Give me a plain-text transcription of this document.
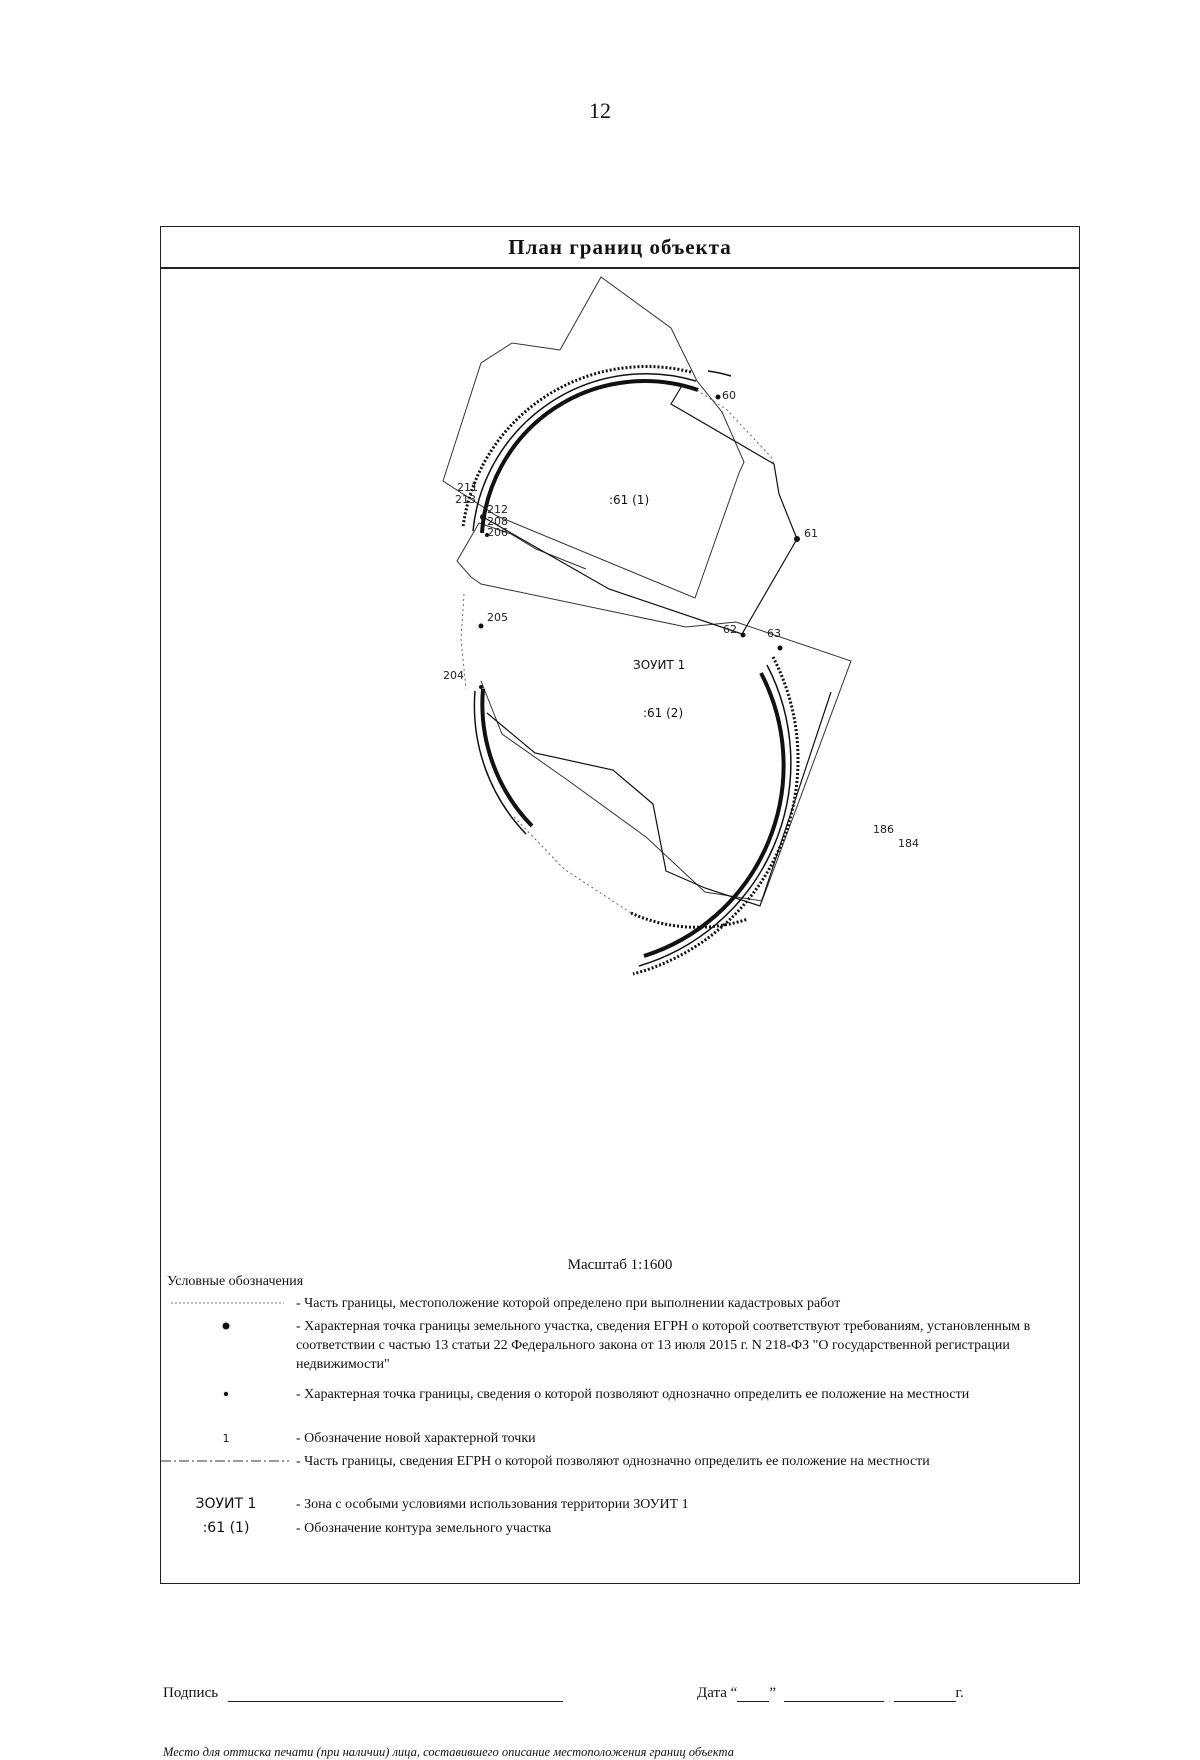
12
План границ объекта
60
61
62	63
205
204
212
208
206
211
213
186
184
:61 (1)
ЗОУИТ 1
:61 (2)
Масштаб 1:1600
Условные обозначения
- Часть границы, местоположение которой определено при выполнении кадастровых работ
- Характерная точка границы земельного участка, сведения ЕГРН о которой соответствуют требованиям, установленным в соответствии с частью 13 статьи 22 Федерального закона от 13 июля 2015 г. N 218-ФЗ "О государственной регистрации недвижимости"
- Характерная точка границы, сведения о которой позволяют однозначно определить ее положение на местности
1	- Обозначение новой характерной точки
- Часть границы, сведения ЕГРН о которой позволяют однозначно определить ее положение на местности
ЗОУИТ 1	- Зона с особыми условиями использования территории ЗОУИТ 1
:61 (1)	- Обозначение контура земельного участка
Подпись	Дата “ ”	г.
Место для оттиска печати (при наличии) лица, составившего описание местоположения границ объекта
